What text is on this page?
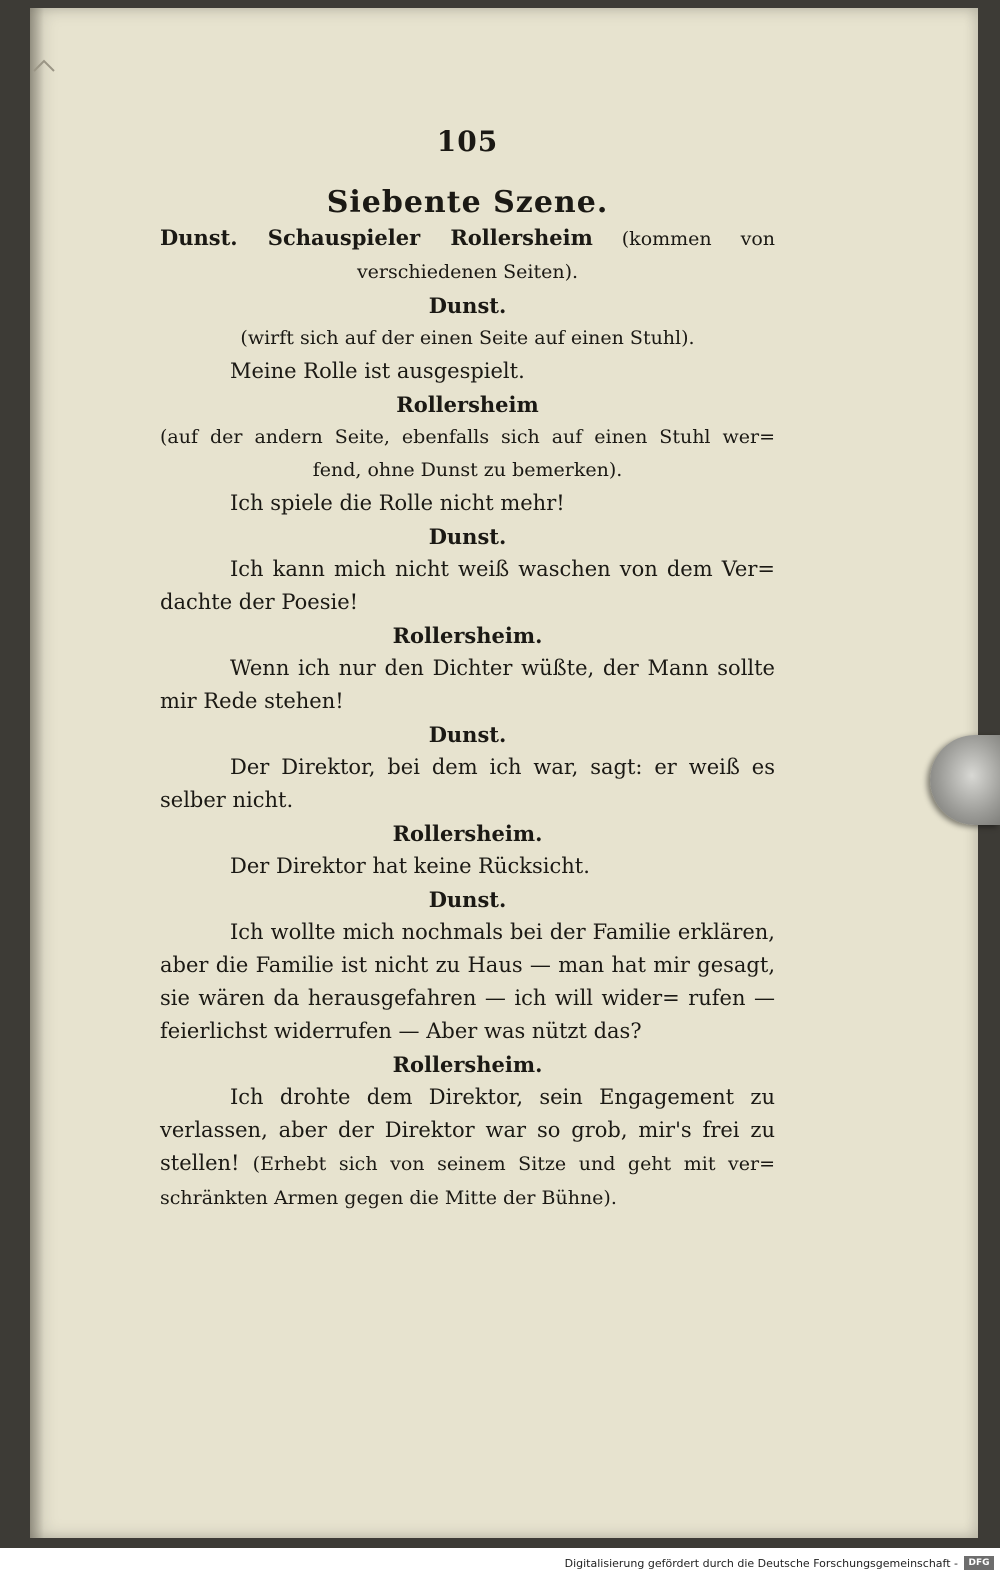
105
Siebente Szene.
Dunst. Schauspieler Rollersheim (kommen von verschiedenen Seiten).
Dunst.
(wirft sich auf der einen Seite auf einen Stuhl).
Meine Rolle ist ausgespielt.
Rollersheim
(auf der andern Seite, ebenfalls sich auf einen Stuhl wer= fend, ohne Dunst zu bemerken).
Ich spiele die Rolle nicht mehr!
Dunst.
Ich kann mich nicht weiß waschen von dem Ver= dachte der Poesie!
Rollersheim.
Wenn ich nur den Dichter wüßte, der Mann sollte mir Rede stehen!
Dunst.
Der Direktor, bei dem ich war, sagt: er weiß es selber nicht.
Rollersheim.
Der Direktor hat keine Rücksicht.
Dunst.
Ich wollte mich nochmals bei der Familie erklären, aber die Familie ist nicht zu Haus — man hat mir gesagt, sie wären da herausgefahren — ich will wider= rufen — feierlichst widerrufen — Aber was nützt das?
Rollersheim.
Ich drohte dem Direktor, sein Engagement zu verlassen, aber der Direktor war so grob, mir's frei zu stellen! (Erhebt sich von seinem Sitze und geht mit ver= schränkten Armen gegen die Mitte der Bühne).
Digitalisierung gefördert durch die Deutsche Forschungsgemeinschaft -	DFG
